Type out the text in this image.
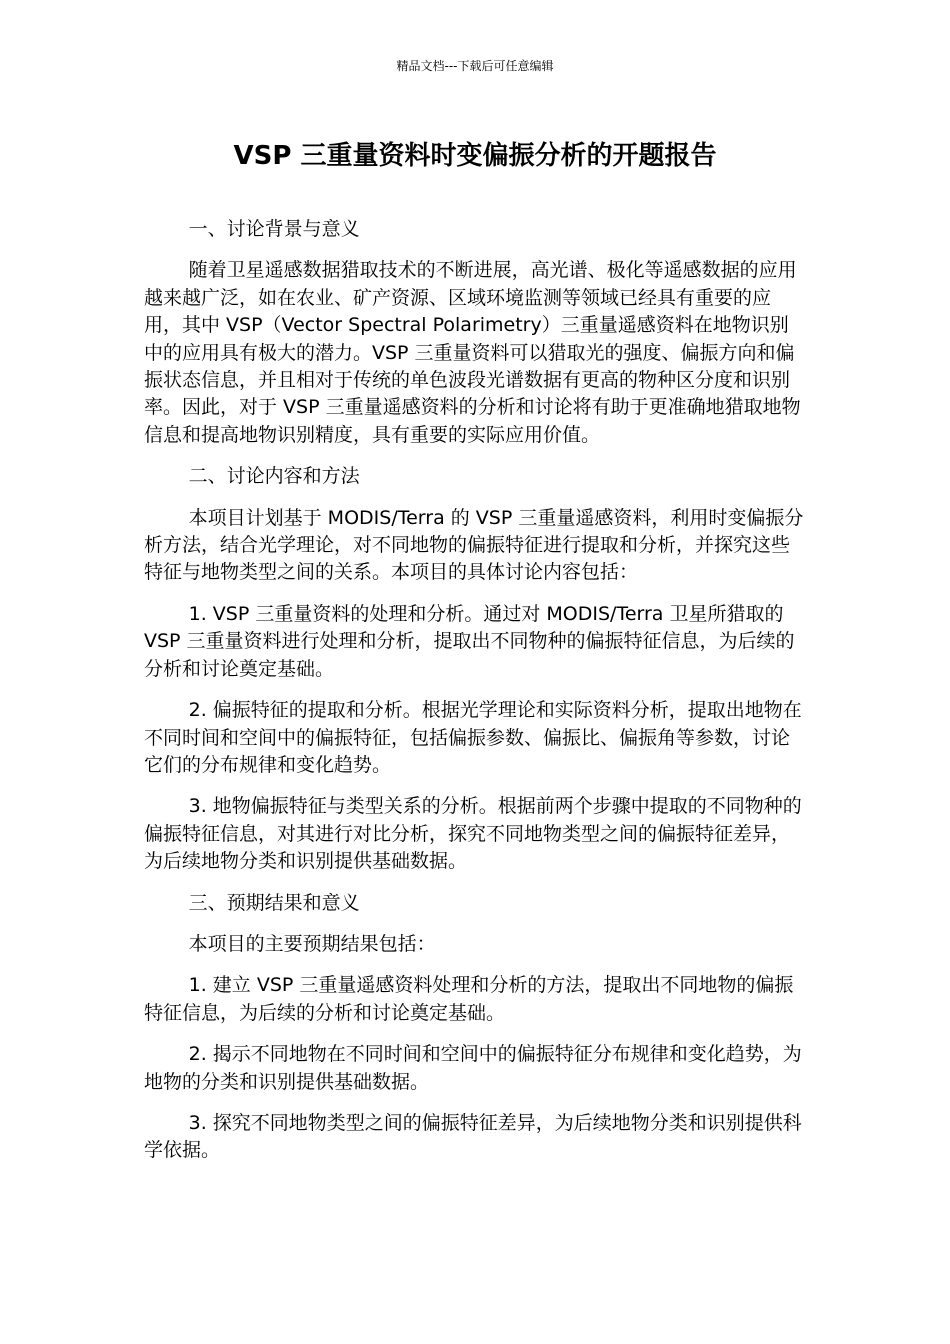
精品文档---下载后可任意编辑
VSP 三重量资料时变偏振分析的开题报告

一、讨论背景与意义

随着卫星遥感数据猎取技术的不断进展，高光谱、极化等遥感数据的应用越来越广泛，如在农业、矿产资源、区域环境监测等领域已经具有重要的应用，其中 VSP（Vector Spectral Polarimetry）三重量遥感资料在地物识别中的应用具有极大的潜力。VSP 三重量资料可以猎取光的强度、偏振方向和偏振状态信息，并且相对于传统的单色波段光谱数据有更高的物种区分度和识别率。因此，对于 VSP 三重量遥感资料的分析和讨论将有助于更准确地猎取地物信息和提高地物识别精度，具有重要的实际应用价值。

二、讨论内容和方法

本项目计划基于 MODIS/Terra 的 VSP 三重量遥感资料，利用时变偏振分析方法，结合光学理论，对不同地物的偏振特征进行提取和分析，并探究这些特征与地物类型之间的关系。本项目的具体讨论内容包括：

1. VSP 三重量资料的处理和分析。通过对 MODIS/Terra 卫星所猎取的 VSP 三重量资料进行处理和分析，提取出不同物种的偏振特征信息，为后续的分析和讨论奠定基础。

2. 偏振特征的提取和分析。根据光学理论和实际资料分析，提取出地物在不同时间和空间中的偏振特征，包括偏振参数、偏振比、偏振角等参数，讨论它们的分布规律和变化趋势。

3. 地物偏振特征与类型关系的分析。根据前两个步骤中提取的不同物种的偏振特征信息，对其进行对比分析，探究不同地物类型之间的偏振特征差异，为后续地物分类和识别提供基础数据。

三、预期结果和意义

本项目的主要预期结果包括：

1. 建立 VSP 三重量遥感资料处理和分析的方法，提取出不同地物的偏振特征信息，为后续的分析和讨论奠定基础。

2. 揭示不同地物在不同时间和空间中的偏振特征分布规律和变化趋势，为地物的分类和识别提供基础数据。

3. 探究不同地物类型之间的偏振特征差异，为后续地物分类和识别提供科学依据。
